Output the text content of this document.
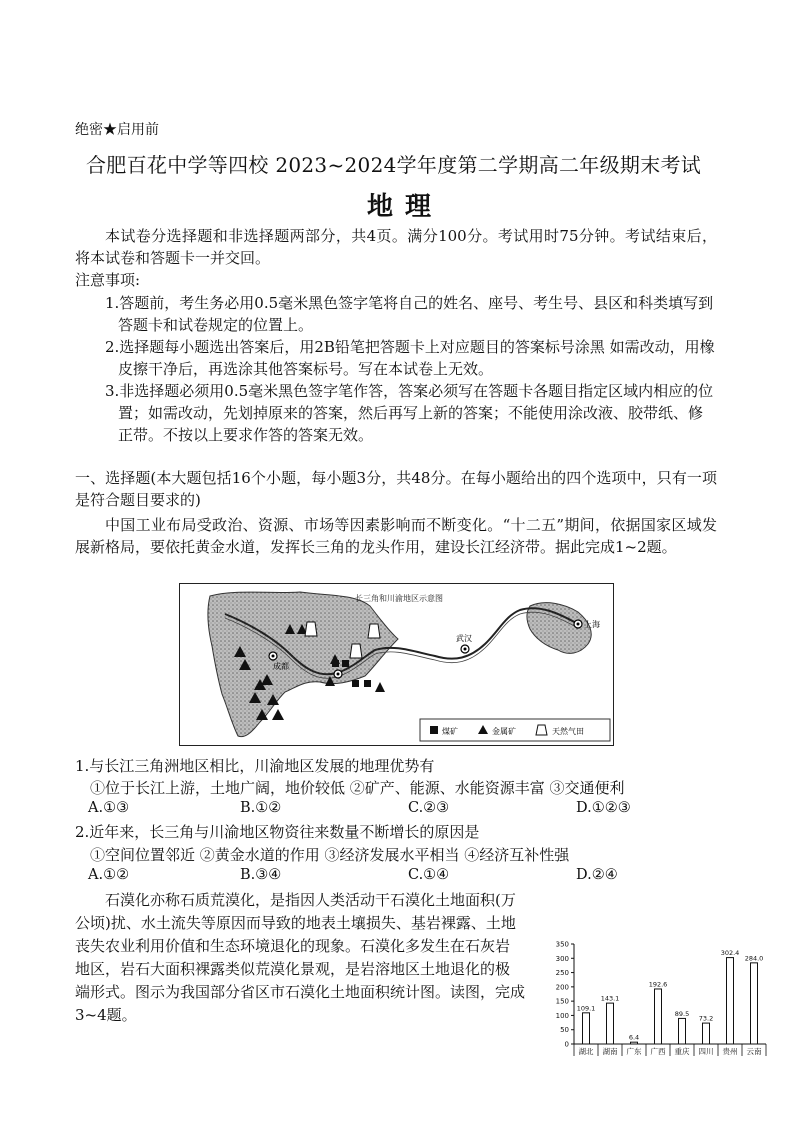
绝密★启用前
合肥百花中学等四校 2023~2024学年度第二学期高二年级期末考试
地理
本试卷分选择题和非选择题两部分，共4页。满分100分。考试用时75分钟。考试结束后，将本试卷和答题卡一并交回。
注意事项:
1.答题前，考生务必用0.5毫米黑色签字笔将自己的姓名、座号、考生号、县区和科类填写到答题卡和试卷规定的位置上。
2.选择题每小题选出答案后，用2B铅笔把答题卡上对应题目的答案标号涂黑 如需改动，用橡皮擦干净后，再选涂其他答案标号。写在本试卷上无效。
3.非选择题必须用0.5毫米黑色签字笔作答，答案必须写在答题卡各题目指定区域内相应的位置；如需改动，先划掉原来的答案，然后再写上新的答案；不能使用涂改液、胶带纸、修正带。不按以上要求作答的答案无效。
一、选择题(本大题包括16个小题，每小题3分，共48分。在每小题给出的四个选项中，只有一项是符合题目要求的)
中国工业布局受政治、资源、市场等因素影响而不断变化。“十二五”期间，依据国家区域发展新格局，要依托黄金水道，发挥长三角的龙头作用，建设长江经济带。据此完成1~2题。
长三角和川渝地区示意图
上海
武汉
成都
煤矿	金属矿	天然气田
1.与长江三角洲地区相比，川渝地区发展的地理优势有
①位于长江上游，土地广阔，地价较低 ②矿产、能源、水能资源丰富 ③交通便利
A.①③	B.①②	C.②③	D.①②③
2.近年来，长三角与川渝地区物资往来数量不断增长的原因是
①空间位置邻近 ②黄金水道的作用 ③经济发展水平相当 ④经济互补性强
A.①②	B.③④	C.①④	D.②④
石漠化亦称石质荒漠化，是指因人类活动干石漠化土地面积(万
公顷)扰、水土流失等原因而导致的地表土壤损失、基岩裸露、土地
丧失农业利用价值和生态环境退化的现象。石漠化多发生在石灰岩
地区，岩石大面积裸露类似荒漠化景观，是岩溶地区土地退化的极
端形式。图示为我国部分省区市石漠化土地面积统计图。读图，完成
3~4题。
0
50
100
150
200
250
300
350
109.1
143.1
6.4
192.6
89.5
73.2
302.4
284.0
湖北 湖南 广东 广西 重庆 四川 贵州 云南
